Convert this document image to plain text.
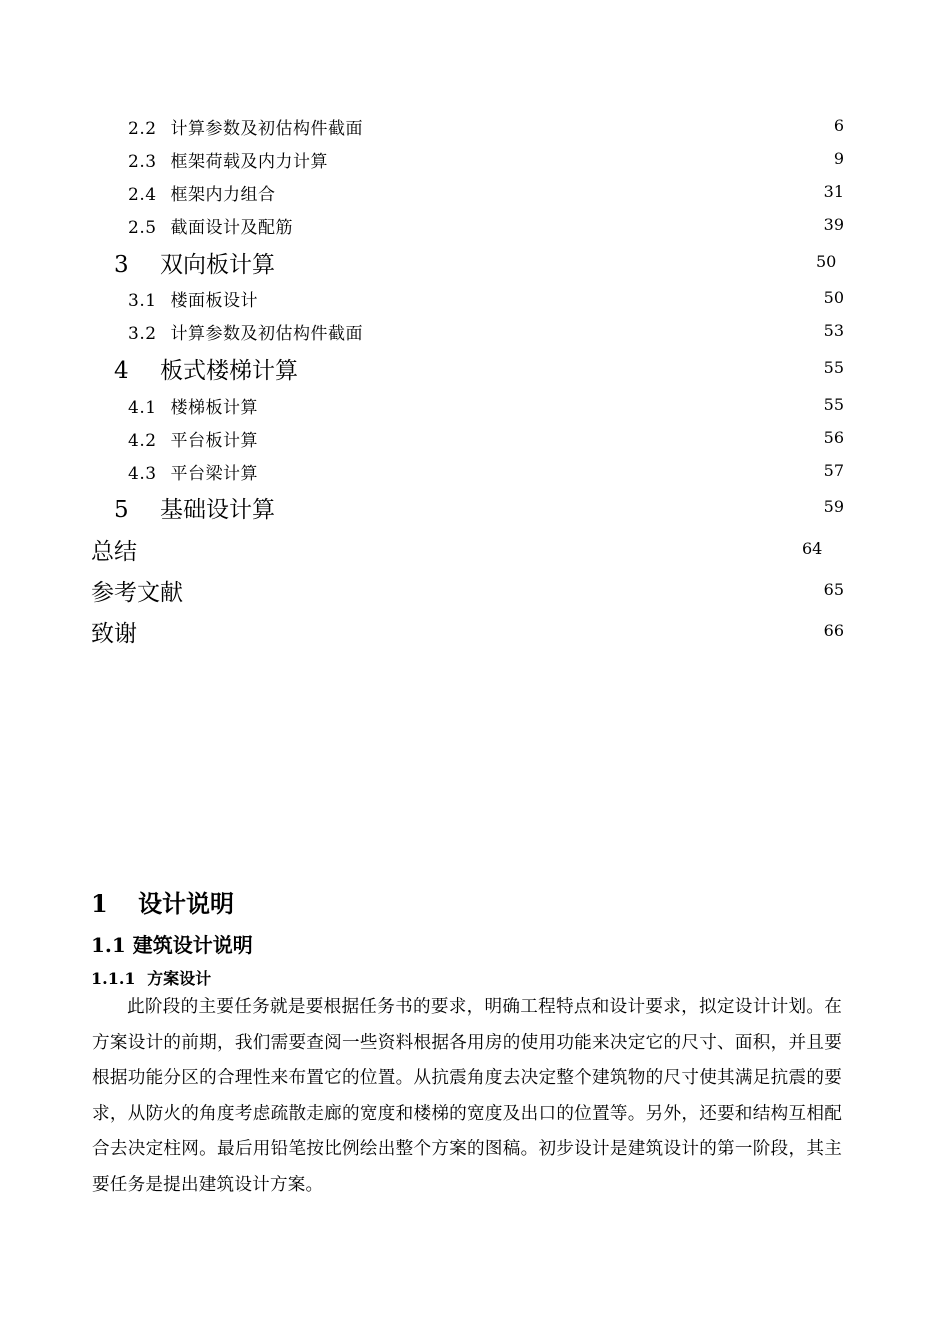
2.2 计算参数及初估构件截面	6
2.3 框架荷载及内力计算	9
2.4 框架内力组合	31
2.5 截面设计及配筋	39
3 双向板计算	50
3.1 楼面板设计	50
3.2 计算参数及初估构件截面	53
4 板式楼梯计算	55
4.1 楼梯板计算	55
4.2 平台板计算	56
4.3 平台梁计算	57
5 基础设计算	59
总结	64
参考文献	65
致谢	66
1 设计说明
1.1 建筑设计说明
1.1.1 方案设计
此阶段的主要任务就是要根据任务书的要求，明确工程特点和设计要求，拟定设计计划。在方案设计的前期，我们需要查阅一些资料根据各用房的使用功能来决定它的尺寸、面积，并且要根据功能分区的合理性来布置它的位置。从抗震角度去决定整个建筑物的尺寸使其满足抗震的要求，从防火的角度考虑疏散走廊的宽度和楼梯的宽度及出口的位置等。另外，还要和结构互相配合去决定柱网。最后用铅笔按比例绘出整个方案的图稿。初步设计是建筑设计的第一阶段，其主要任务是提出建筑设计方案。
